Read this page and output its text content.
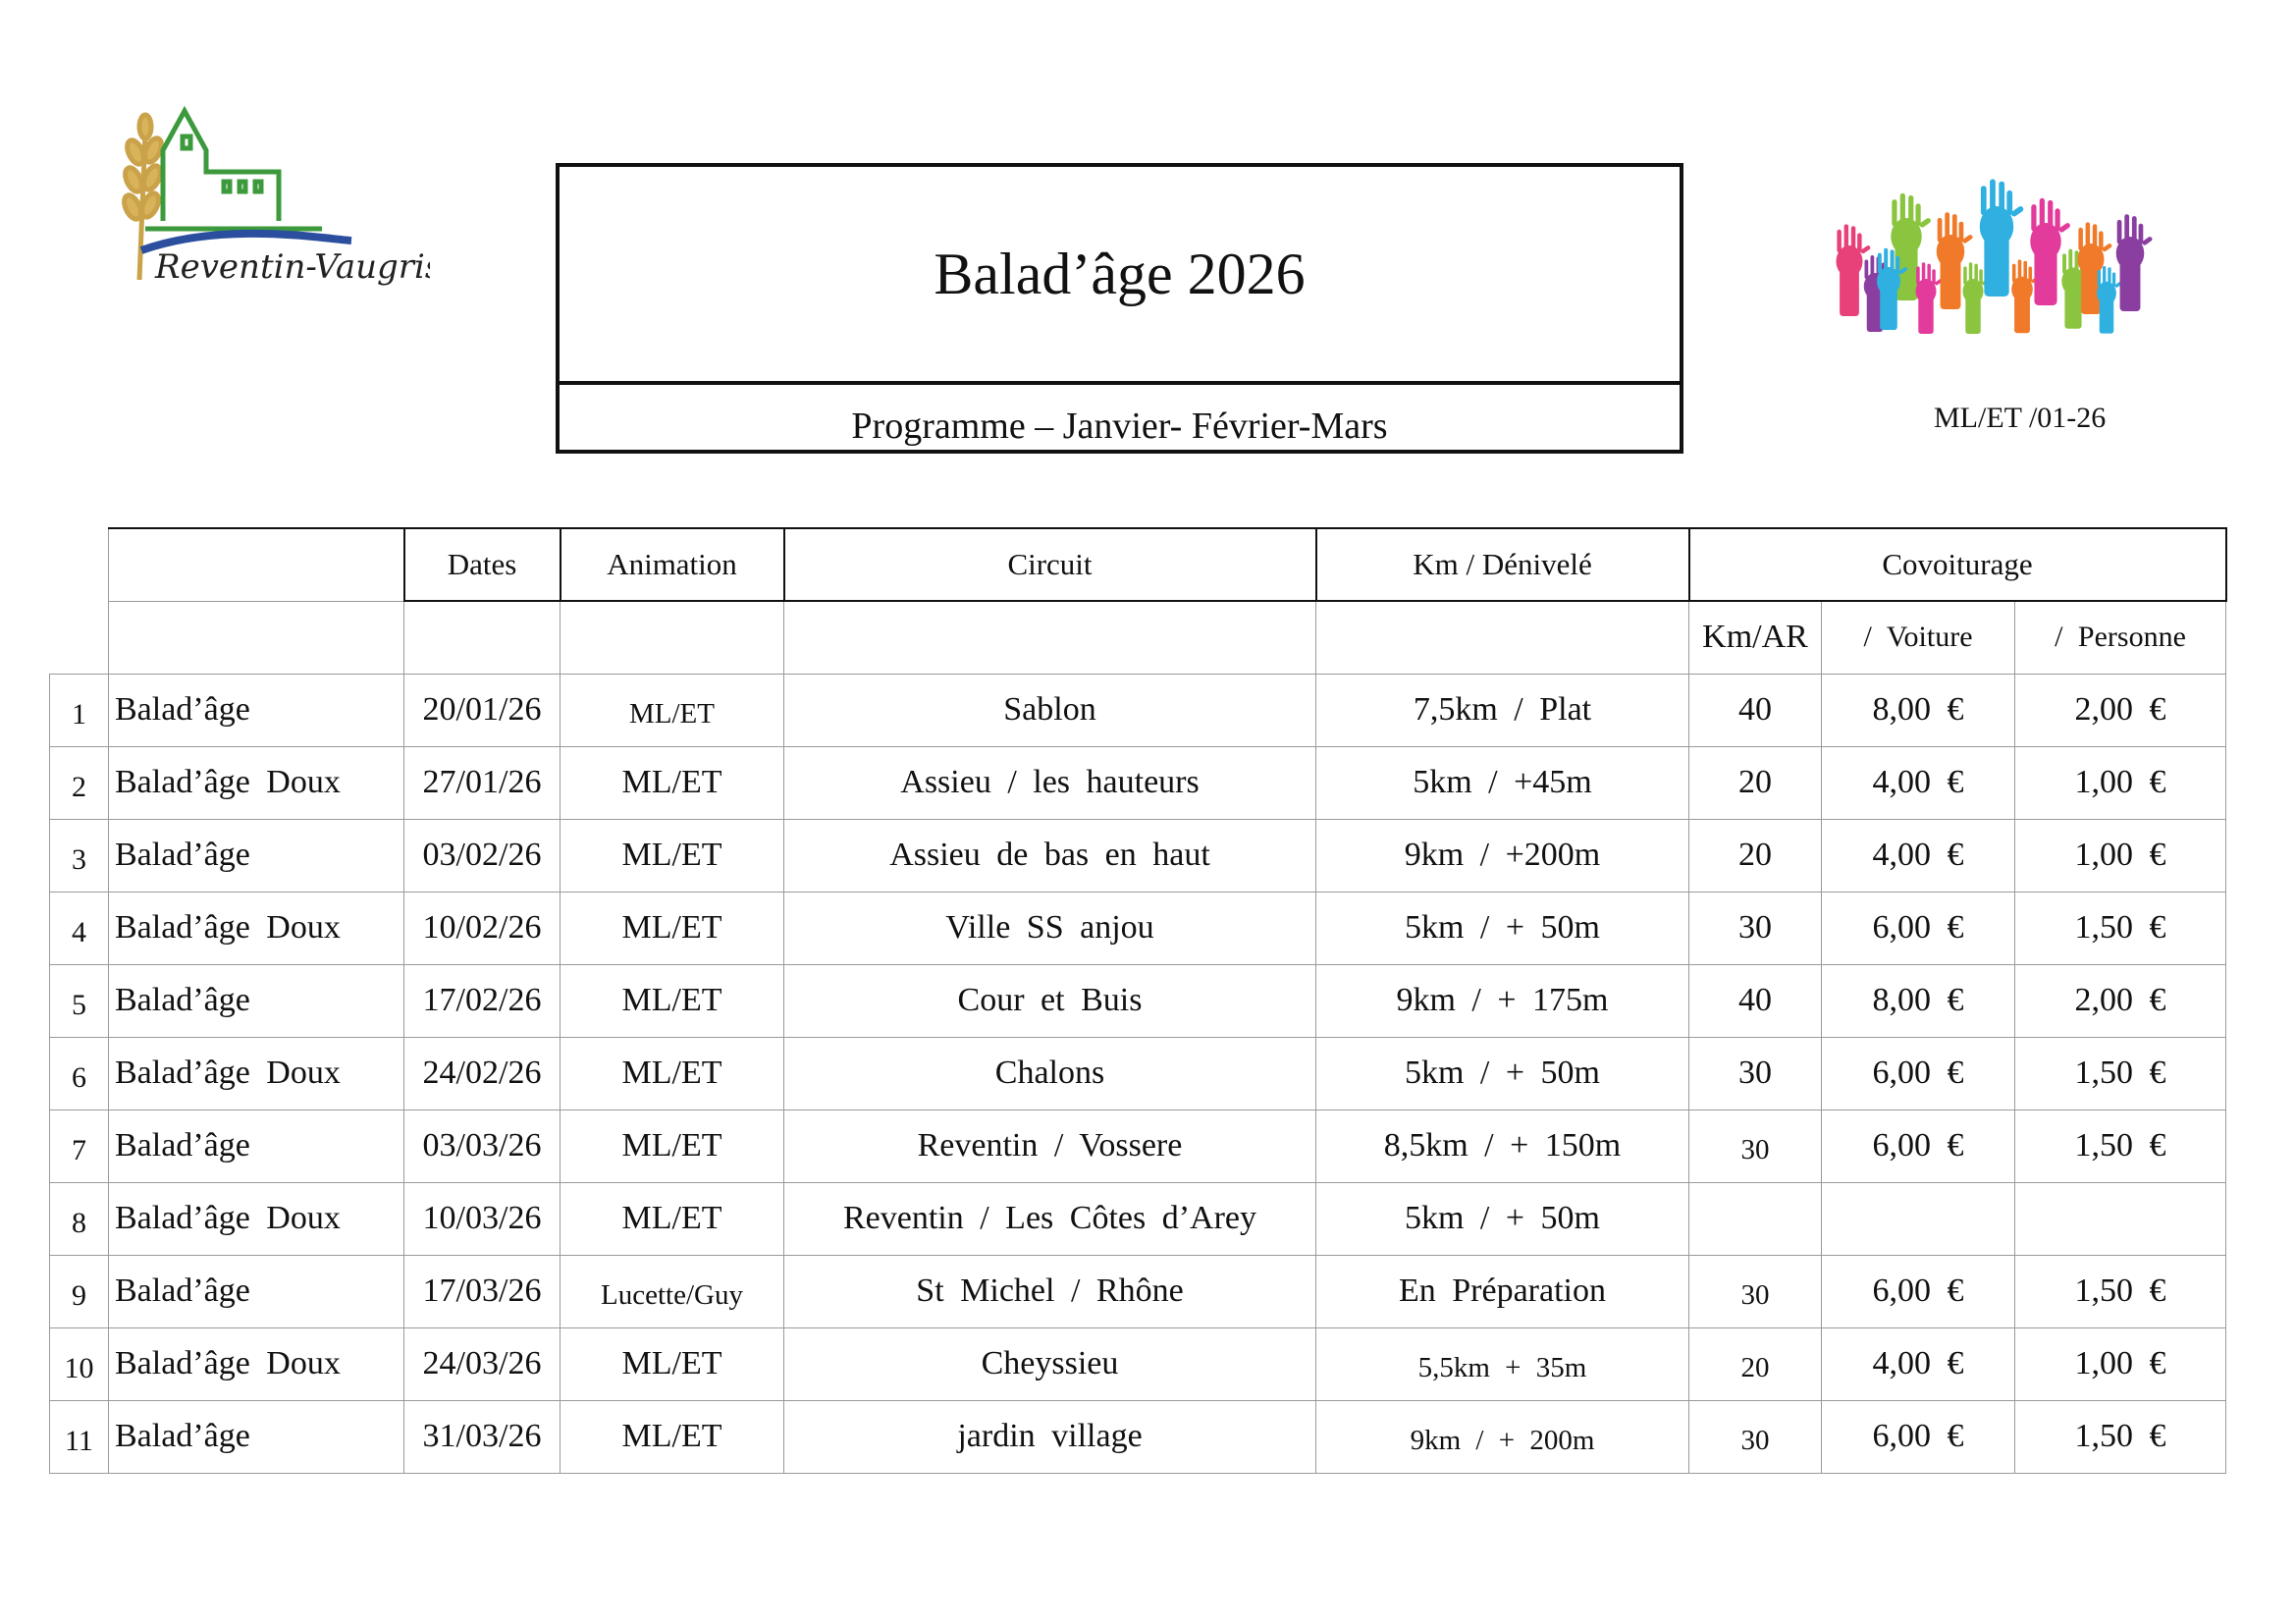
Reventin-Vaugris	Balad’âge 2026
Programme – Janvier- Février-Mars	ML/ET /01-26
		Dates	Animation	Circuit	Km / Dénivelé	Covoiturage		
						Km/AR	/ Voiture	/ Personne
1	Balad’âge	20/01/26	ML/ET	Sablon	7,5km / Plat	40	8,00 €	2,00 €
2	Balad’âge Doux	27/01/26	ML/ET	Assieu / les hauteurs	5km / +45m	20	4,00 €	1,00 €
3	Balad’âge	03/02/26	ML/ET	Assieu de bas en haut	9km / +200m	20	4,00 €	1,00 €
4	Balad’âge Doux	10/02/26	ML/ET	Ville SS anjou	5km / + 50m	30	6,00 €	1,50 €
5	Balad’âge	17/02/26	ML/ET	Cour et Buis	9km / + 175m	40	8,00 €	2,00 €
6	Balad’âge Doux	24/02/26	ML/ET	Chalons	5km / + 50m	30	6,00 €	1,50 €
7	Balad’âge	03/03/26	ML/ET	Reventin / Vossere	8,5km / + 150m	30	6,00 €	1,50 €
8	Balad’âge Doux	10/03/26	ML/ET	Reventin / Les Côtes d’Arey	5km / + 50m			
9	Balad’âge	17/03/26	Lucette/Guy	St Michel / Rhône	En Préparation	30	6,00 €	1,50 €
10	Balad’âge Doux	24/03/26	ML/ET	Cheyssieu	5,5km + 35m	20	4,00 €	1,00 €
11	Balad’âge	31/03/26	ML/ET	jardin village	9km / + 200m	30	6,00 €	1,50 €
